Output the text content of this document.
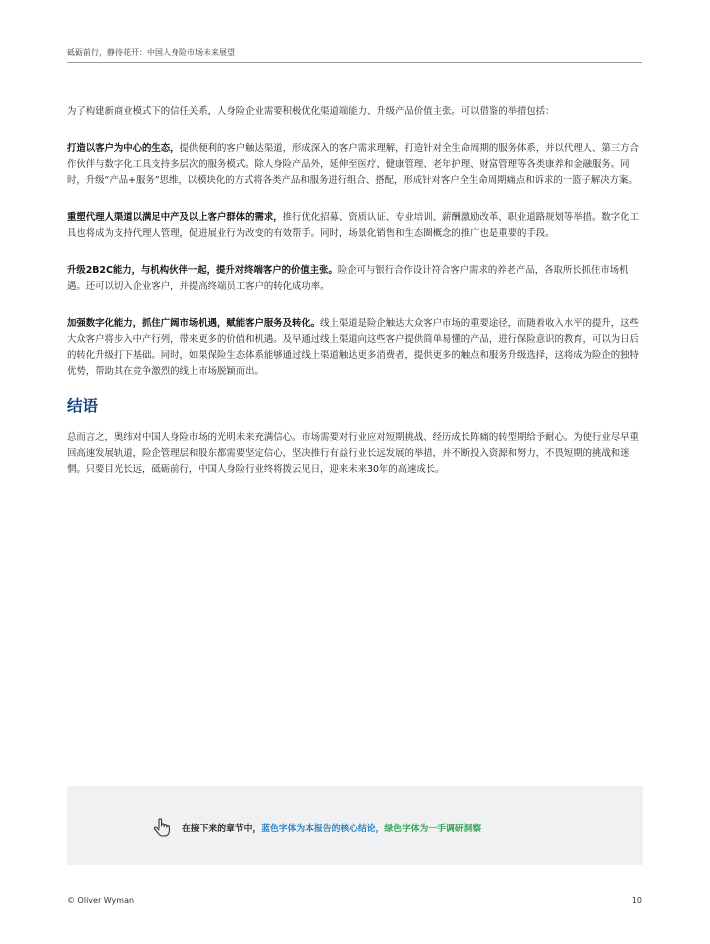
砥砺前行，静待花开：中国人身险市场未来展望

为了构建新商业模式下的信任关系，人身险企业需要积极优化渠道端能力、升级产品价值主张。可以借鉴的举措包括：

打造以客户为中心的生态，提供便利的客户触达渠道，形成深入的客户需求理解，打造针对全生命周期的服务体系，并以代理人、第三方合作伙伴与数字化工具支持多层次的服务模式。除人身险产品外，延伸至医疗、健康管理、老年护理、财富管理等各类康养和金融服务。同时，升级“产品+服务”思维，以模块化的方式将各类产品和服务进行组合、搭配，形成针对客户全生命周期痛点和诉求的一篮子解决方案。

重塑代理人渠道以满足中产及以上客户群体的需求，推行优化招募、资质认证、专业培训、薪酬激励改革、职业道路规划等举措。数字化工具也将成为支持代理人管理，促进展业行为改变的有效帮手。同时，场景化销售和生态圈概念的推广也是重要的手段。

升级2B2C能力，与机构伙伴一起，提升对终端客户的价值主张。险企可与银行合作设计符合客户需求的养老产品，各取所长抓住市场机遇。还可以切入企业客户，并提高终端员工客户的转化成功率。

加强数字化能力，抓住广阔市场机遇，赋能客户服务及转化。线上渠道是险企触达大众客户市场的重要途径，而随着收入水平的提升，这些大众客户将步入中产行列，带来更多的价值和机遇。及早通过线上渠道向这些客户提供简单易懂的产品，进行保险意识的教育，可以为日后的转化升级打下基础。同时，如果保险生态体系能够通过线上渠道触达更多消费者，提供更多的触点和服务升级选择，这将成为险企的独特优势，帮助其在竞争激烈的线上市场脱颖而出。

结语

总而言之，奥纬对中国人身险市场的光明未来充满信心。市场需要对行业应对短期挑战、经历成长阵痛的转型期给予耐心。为使行业尽早重回高速发展轨道，险企管理层和股东都需要坚定信心，坚决推行有益行业长远发展的举措，并不断投入资源和努力，不畏短期的挑战和迷惘。只要目光长远，砥砺前行，中国人身险行业终将拨云见日，迎来未来30年的高速成长。

在接下来的章节中， 蓝色字体为本报告的核心结论， 绿色字体为一手调研洞察
© Oliver Wyman	10
